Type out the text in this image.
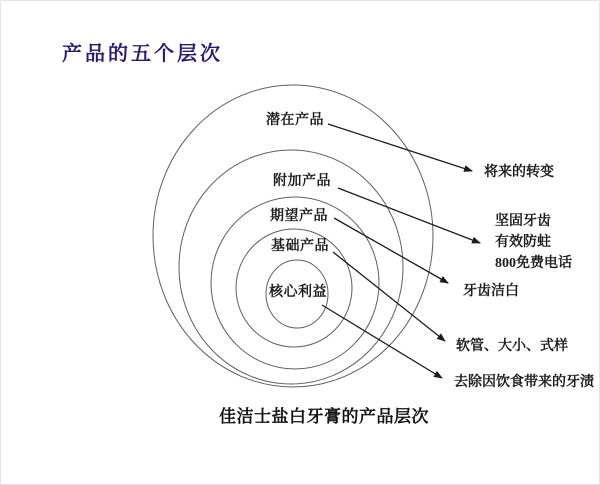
产品的五个层次
潜在产品
附加产品
期望产品
基础产品
核心利益
将来的转变
坚固牙齿
有效防蛀
800免费电话
牙齿洁白
软管、大小、式样
去除因饮食带来的牙渍
佳洁士盐白牙膏的产品层次
